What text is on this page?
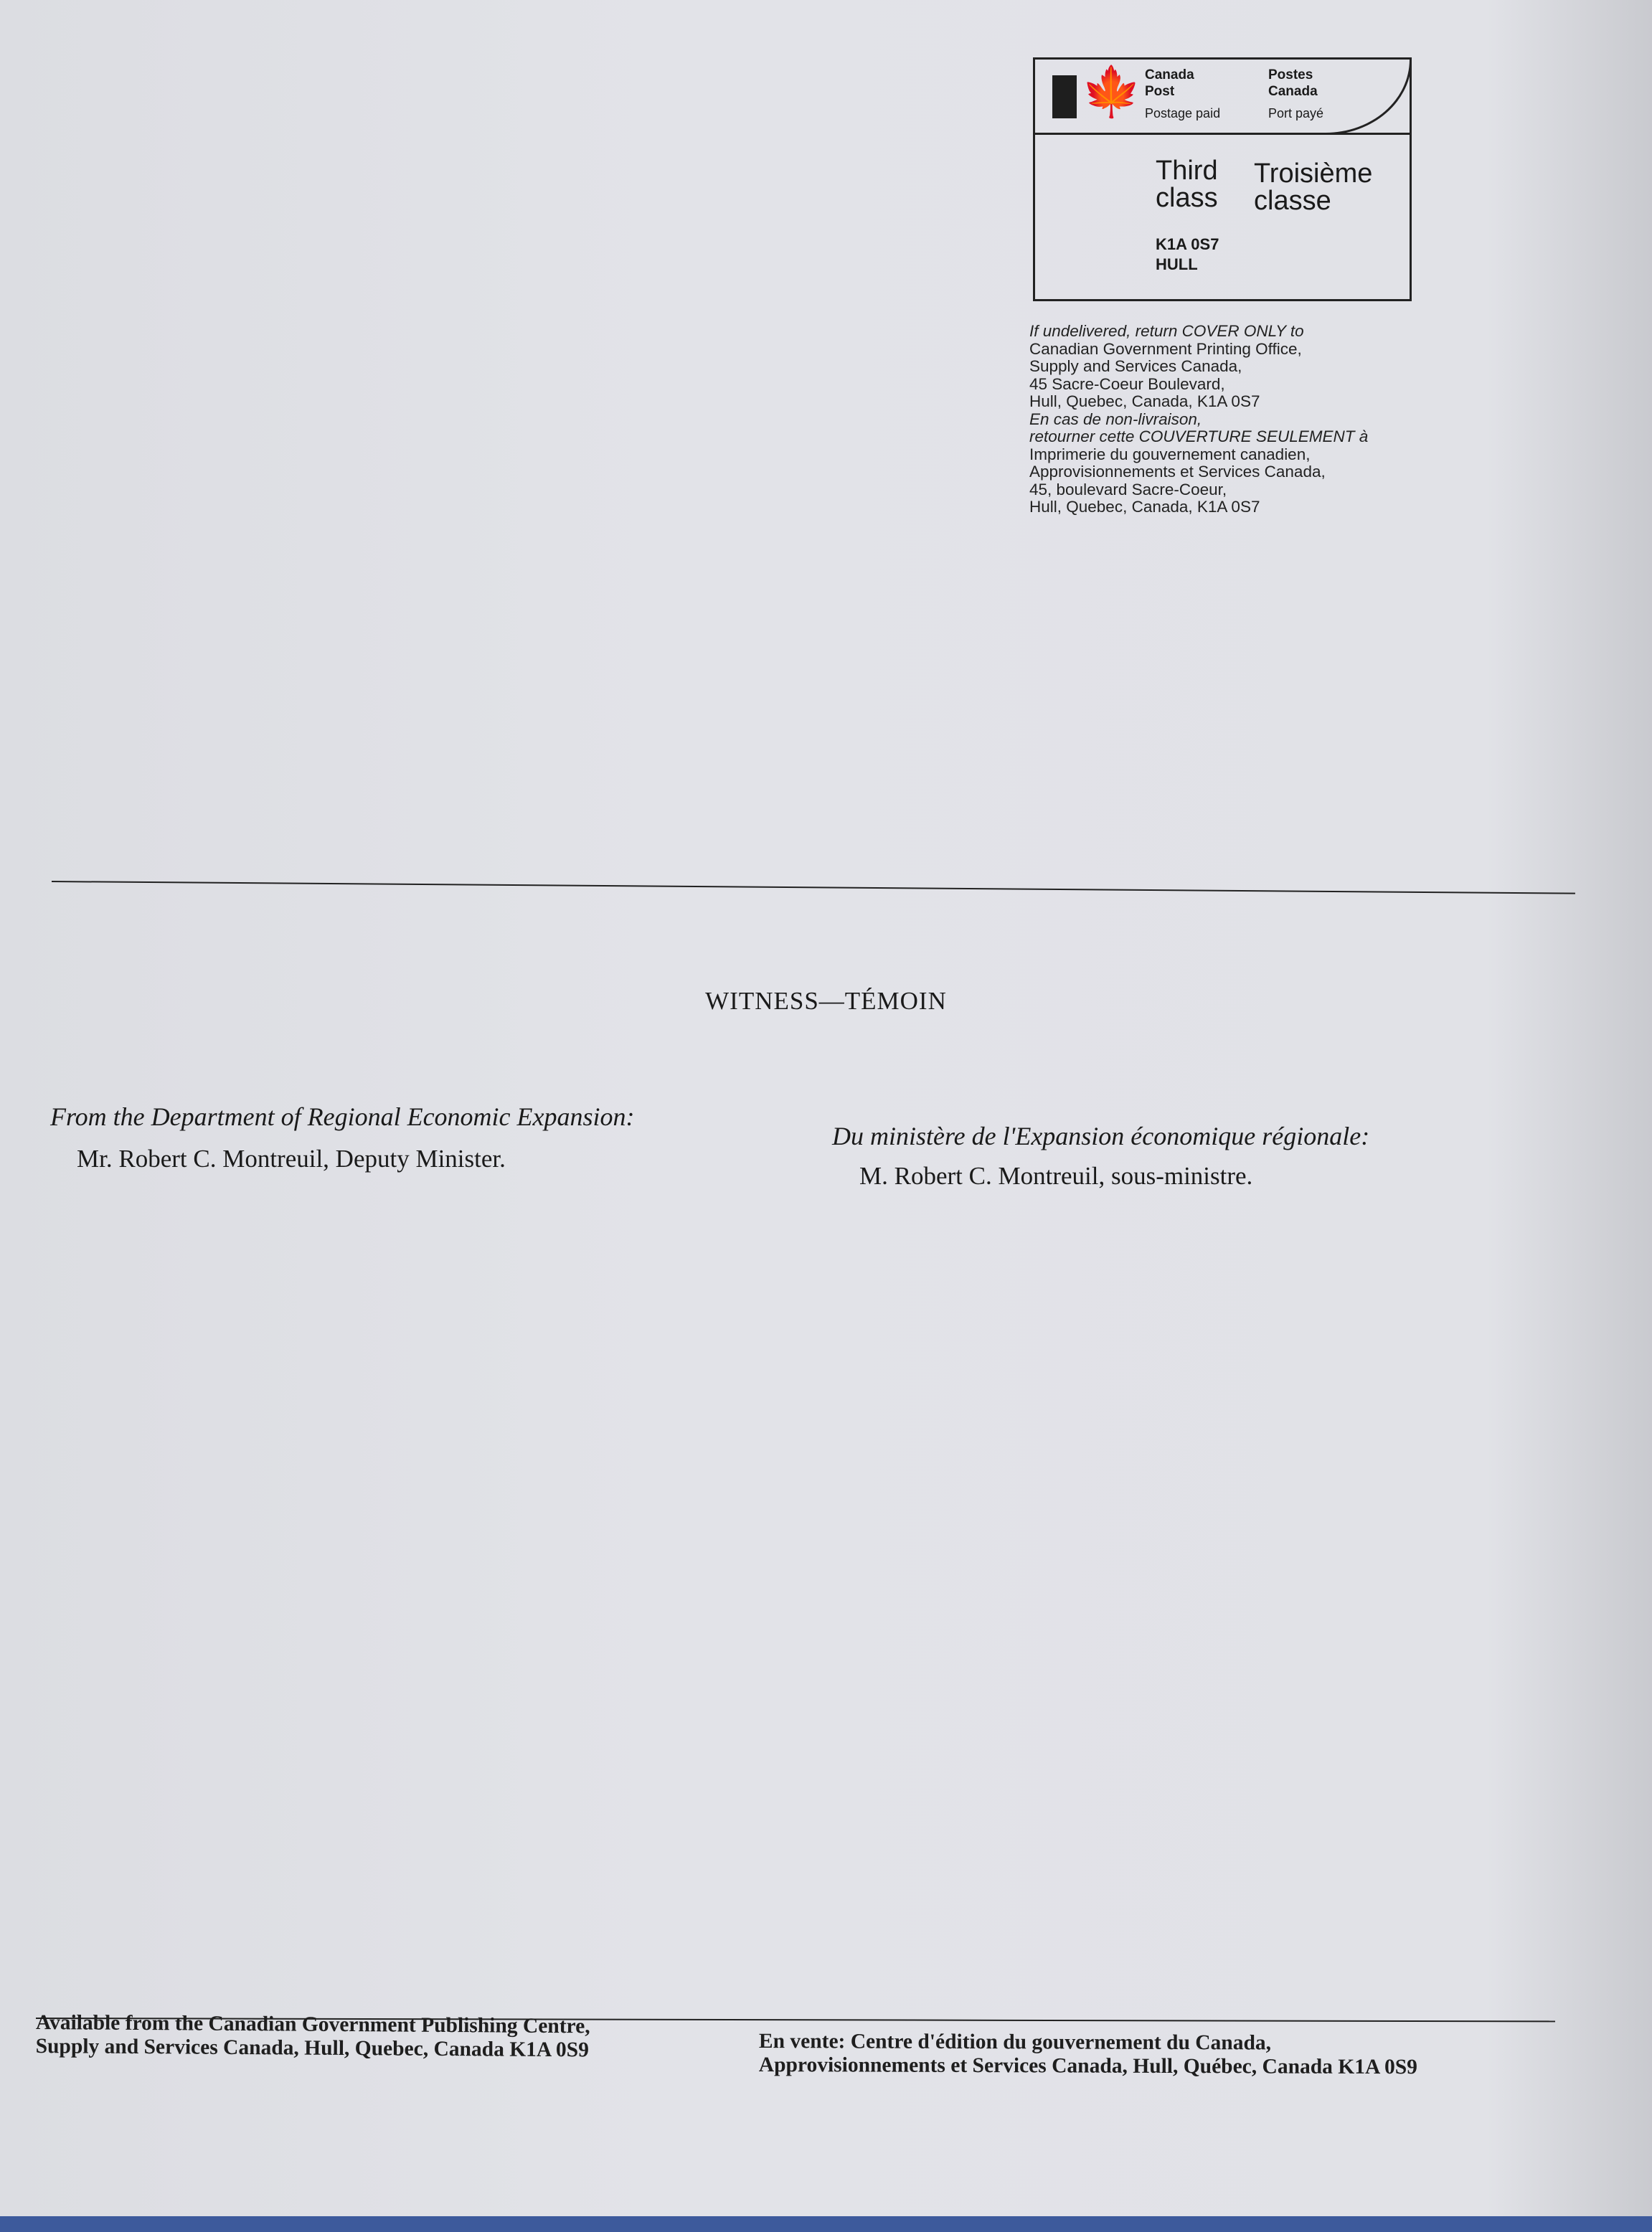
🍁 Canada
Post
Postes
Canada
Postage paid	Port payé
Third
class
Troisième
classe
K1A 0S7
HULL
If undelivered, return COVER ONLY to
Canadian Government Printing Office,
Supply and Services Canada,
45 Sacre-Coeur Boulevard,
Hull, Quebec, Canada, K1A 0S7
En cas de non-livraison,
retourner cette COUVERTURE SEULEMENT à
Imprimerie du gouvernement canadien,
Approvisionnements et Services Canada,
45, boulevard Sacre-Coeur,
Hull, Quebec, Canada, K1A 0S7
WITNESS—TÉMOIN
From the Department of Regional Economic Expansion:
Mr. Robert C. Montreuil, Deputy Minister.
Du ministère de l'Expansion économique régionale:
M. Robert C. Montreuil, sous-ministre.
Available from the Canadian Government Publishing Centre,
Supply and Services Canada, Hull, Quebec, Canada K1A 0S9	En vente: Centre d'édition du gouvernement du Canada,
Approvisionnements et Services Canada, Hull, Québec, Canada K1A 0S9
